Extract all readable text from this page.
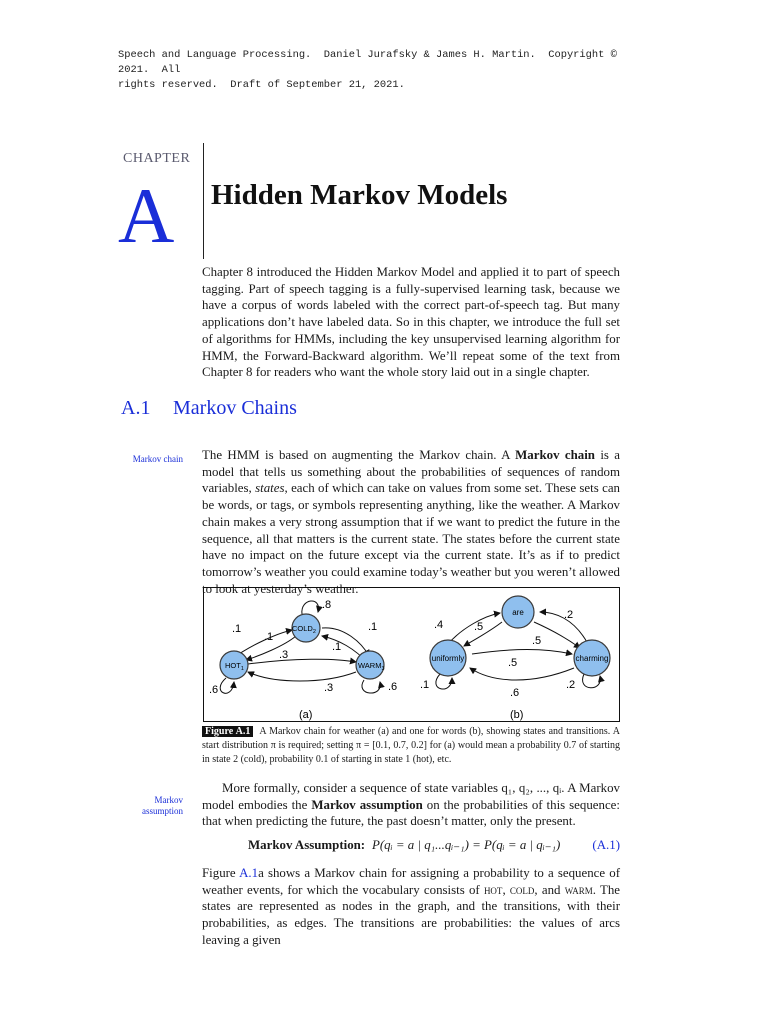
Speech and Language Processing.  Daniel Jurafsky & James H. Martin.  Copyright © 2021.  All
rights reserved.  Draft of September 21, 2021.
CHAPTER
A Hidden Markov Models
Chapter 8 introduced the Hidden Markov Model and applied it to part of speech tagging. Part of speech tagging is a fully-supervised learning task, because we have a corpus of words labeled with the correct part-of-speech tag. But many applications don’t have labeled data. So in this chapter, we introduce the full set of algorithms for HMMs, including the key unsupervised learning algorithm for HMM, the Forward-Backward algorithm. We’ll repeat some of the text from Chapter 8 for readers who want the whole story laid out in a single chapter.
A.1 Markov Chains
Markov chain The HMM is based on augmenting the Markov chain. A Markov chain is a model that tells us something about the probabilities of sequences of random variables, states, each of which can take on values from some set. These sets can be words, or tags, or symbols representing anything, like the weather. A Markov chain makes a very strong assumption that if we want to predict the future in the sequence, all that matters is the current state. The states before the current state have no impact on the future except via the current state. It’s as if to predict tomorrow’s weather you could examine today’s weather but you weren’t allowed to look at yesterday’s weather.
$COLD_2$
$HOT_1$	$WARM_3$
.8
.1
.1
.1
.1
.3
.3
.6	.6
(a)
are
uniformly	charming
.4	.5
.2
.5
.5
.6
.1	.2
(b)
Figure A.1 A Markov chain for weather (a) and one for words (b), showing states and transitions. A start distribution π is required; setting π = [0.1, 0.7, 0.2] for (a) would mean a probability 0.7 of starting in state 2 (cold), probability 0.1 of starting in state 1 (hot), etc.
Markov
assumption
More formally, consider a sequence of state variables q₁, q₂, ..., qᵢ. A Markov model embodies the Markov assumption on the probabilities of this sequence: that when predicting the future, the past doesn’t matter, only the present.
Markov Assumption: P(qᵢ = a | q₁...qᵢ₋₁) = P(qᵢ = a | qᵢ₋₁) (A.1)
Figure A.1a shows a Markov chain for assigning a probability to a sequence of weather events, for which the vocabulary consists of hot, cold, and warm. The states are represented as nodes in the graph, and the transitions, with their probabilities, as edges. The transitions are probabilities: the values of arcs leaving a given
